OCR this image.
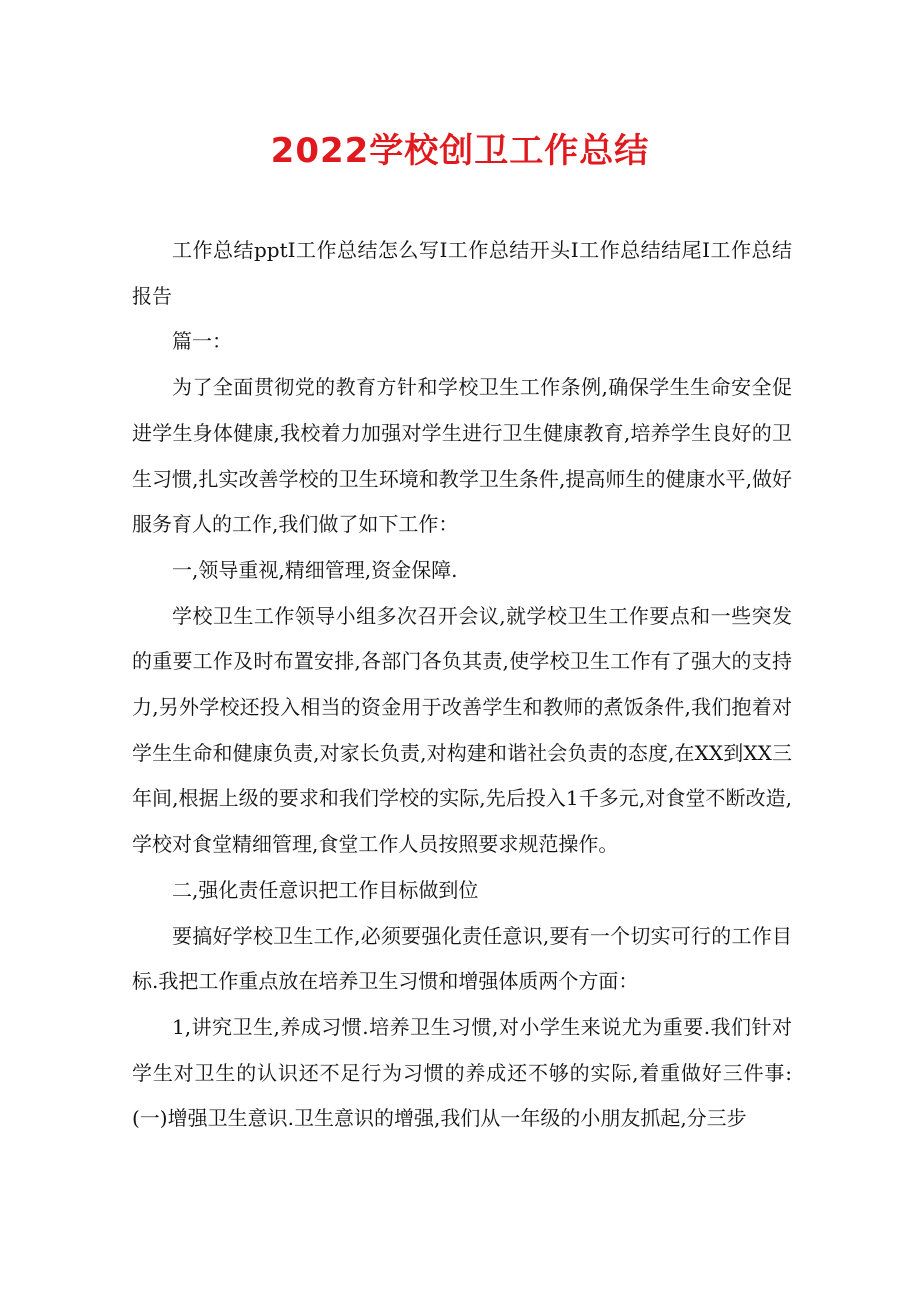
2022学校创卫工作总结

工作总结pptI工作总结怎么写I工作总结开头I工作总结结尾I工作总结报告

篇一：

为了全面贯彻党的教育方针和学校卫生工作条例,确保学生生命安全促进学生身体健康,我校着力加强对学生进行卫生健康教育,培养学生良好的卫生习惯,扎实改善学校的卫生环境和教学卫生条件,提高师生的健康水平,做好服务育人的工作,我们做了如下工作：

一,领导重视,精细管理,资金保障.

学校卫生工作领导小组多次召开会议,就学校卫生工作要点和一些突发的重要工作及时布置安排,各部门各负其责,使学校卫生工作有了强大的支持力,另外学校还投入相当的资金用于改善学生和教师的煮饭条件,我们抱着对学生生命和健康负责,对家长负责,对构建和谐社会负责的态度,在XX到XX三年间,根据上级的要求和我们学校的实际,先后投入1千多元,对食堂不断改造,学校对食堂精细管理,食堂工作人员按照要求规范操作。

二,强化责任意识把工作目标做到位

要搞好学校卫生工作,必须要强化责任意识,要有一个切实可行的工作目标.我把工作重点放在培养卫生习惯和增强体质两个方面：

1,讲究卫生,养成习惯.培养卫生习惯,对小学生来说尤为重要.我们针对学生对卫生的认识还不足行为习惯的养成还不够的实际,着重做好三件事:(一)增强卫生意识.卫生意识的增强,我们从一年级的小朋友抓起,分三步
